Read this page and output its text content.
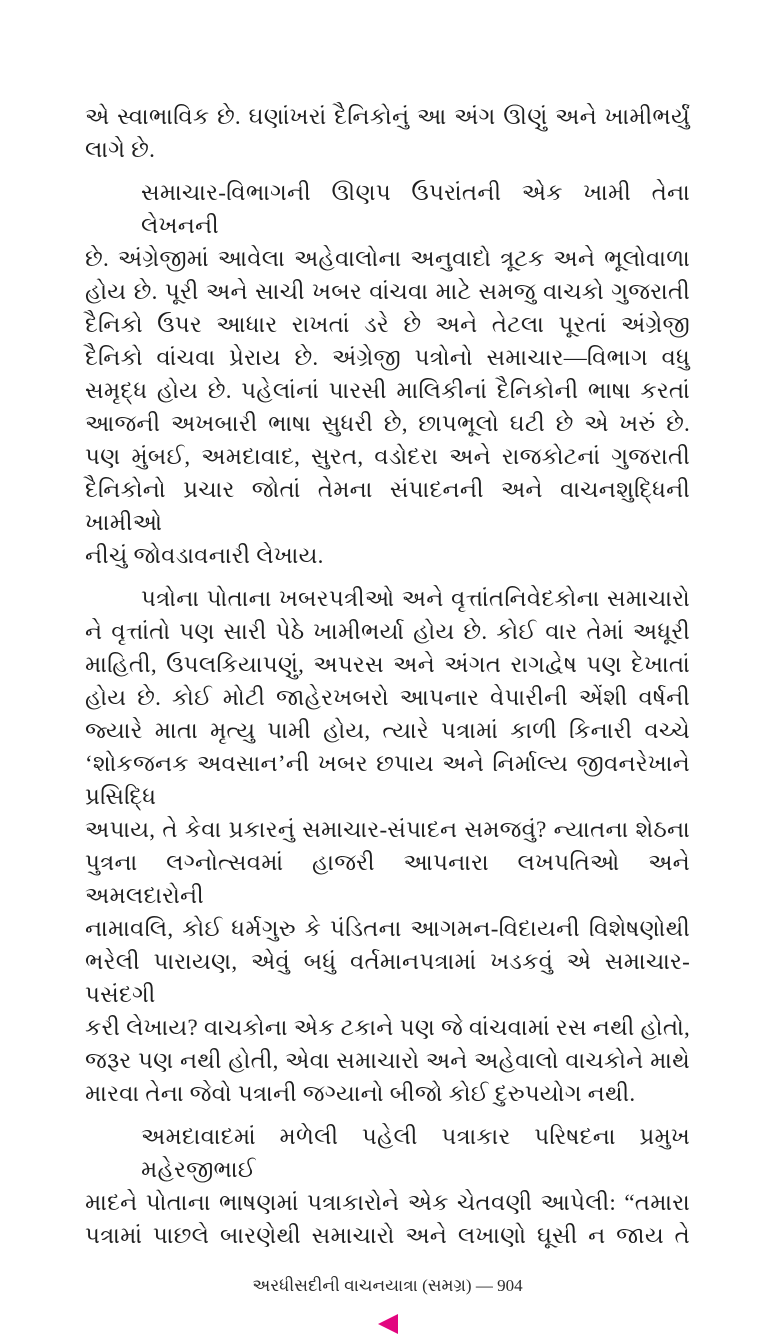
એ સ્વાભાવિક છે. ઘણાંખરાં દૈનિકોનું આ અંગ ઊણું અને ખામીભર્યું
લાગે છે.
સમાચાર-વિભાગની ઊણપ ઉપરાંતની એક ખામી તેના લેખનની
છે. અંગ્રેજીમાં આવેલા અહેવાલોના અનુવાદો ત્રૂટક અને ભૂલોવાળા
હોય છે. પૂરી અને સાચી ખબર વાંચવા માટે સમજુ વાચકો ગુજરાતી
દૈનિકો ઉપર આધાર રાખતાં ડરે છે અને તેટલા પૂરતાં અંગ્રેજી
દૈનિકો વાંચવા પ્રેરાય છે. અંગ્રેજી પત્રોનો સમાચાર—વિભાગ વધુ
સમૃદ્ધ હોય છે. પહેલાંનાં પારસી માલિકીનાં દૈનિકોની ભાષા કરતાં
આજની અખબારી ભાષા સુધરી છે, છાપભૂલો ઘટી છે એ ખરું છે.
પણ મુંબઈ, અમદાવાદ, સુરત, વડોદરા અને રાજકોટનાં ગુજરાતી
દૈનિકોનો પ્રચાર જોતાં તેમના સંપાદનની અને વાચનશુદ્ધિની ખામીઓ
નીચું જોવડાવનારી લેખાય.
પત્રોના પોતાના ખબરપત્રીઓ અને વૃત્તાંતનિવેદકોના સમાચારો
ને વૃત્તાંતો પણ સારી પેઠે ખામીભર્યા હોય છે. કોઈ વાર તેમાં અધૂરી
માહિતી, ઉપલકિયાપણું, અપરસ અને અંગત રાગદ્વેષ પણ દેખાતાં
હોય છે. કોઈ મોટી જાહેરખબરો આપનાર વેપારીની એંશી વર્ષની
જ્યારે માતા મૃત્યુ પામી હોય, ત્યારે પત્રામાં કાળી કિનારી વચ્ચે
‘શોકજનક અવસાન’ની ખબર છપાય અને નિર્માલ્ય જીવનરેખાને પ્રસિદ્ધિ
અપાય, તે કેવા પ્રકારનું સમાચાર-સંપાદન સમજવું? ન્યાતના શેઠના
પુત્રના લગ્નોત્સવમાં હાજરી આપનારા લખપતિઓ અને અમલદારોની
નામાવલિ, કોઈ ધર્મગુરુ કે પંડિતના આગમન-વિદાયની વિશેષણોથી
ભરેલી પારાયણ, એવું બધું વર્તમાનપત્રામાં ખડકવું એ સમાચાર-પસંદગી
કરી લેખાય? વાચકોના એક ટકાને પણ જે વાંચવામાં રસ નથી હોતો,
જરૂર પણ નથી હોતી, એવા સમાચારો અને અહેવાલો વાચકોને માથે
મારવા તેના જેવો પત્રાની જગ્યાનો બીજો કોઈ દુરુપયોગ નથી.
અમદાવાદમાં મળેલી પહેલી પત્રાકાર પરિષદના પ્રમુખ મહેરજીભાઈ
માદને પોતાના ભાષણમાં પત્રાકારોને એક ચેતવણી આપેલી: “તમારા
પત્રામાં પાછલે બારણેથી સમાચારો અને લખાણો ઘૂસી ન જાય તે
અરધીસદીની વાચનયાત્રા (સમગ્ર) — 904
